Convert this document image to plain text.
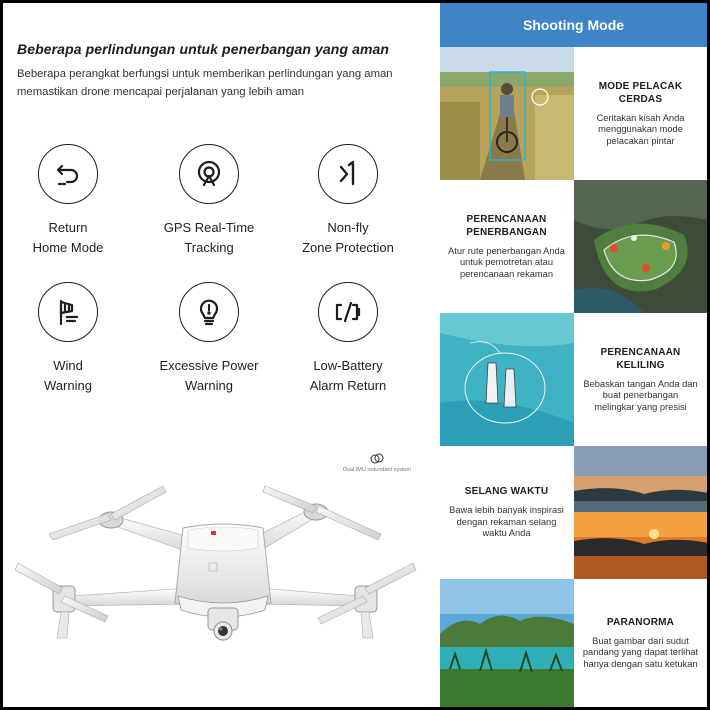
Beberapa perlindungan untuk penerbangan yang aman
Beberapa perangkat berfungsi untuk memberikan perlindungan yang aman memastikan drone mencapai perjalanan yang lebih aman
Return
Home Mode
GPS Real-Time
Tracking
Non-fly
Zone Protection
Wind
Warning
Excessive Power
Warning
Low-Battery
Alarm Return

Dual IMU redundant system
Shooting Mode
MODE PELACAK CERDAS
Ceritakan kisah Anda menggunakan mode pelacakan pintar
PERENCANAAN PENERBANGAN
Atur rute penerbangan Anda untuk pemotretan atau perencanaan rekaman
PERENCANAAN KELILING
Bebaskan tangan Anda dan buat penerbangan melingkar yang presisi
SELANG WAKTU
Bawa lebih banyak inspirasi dengan rekaman selang waktu Anda
PARANORMA
Buat gambar dari sudut pandang yang dapat terlihat hanya dengan satu ketukan
